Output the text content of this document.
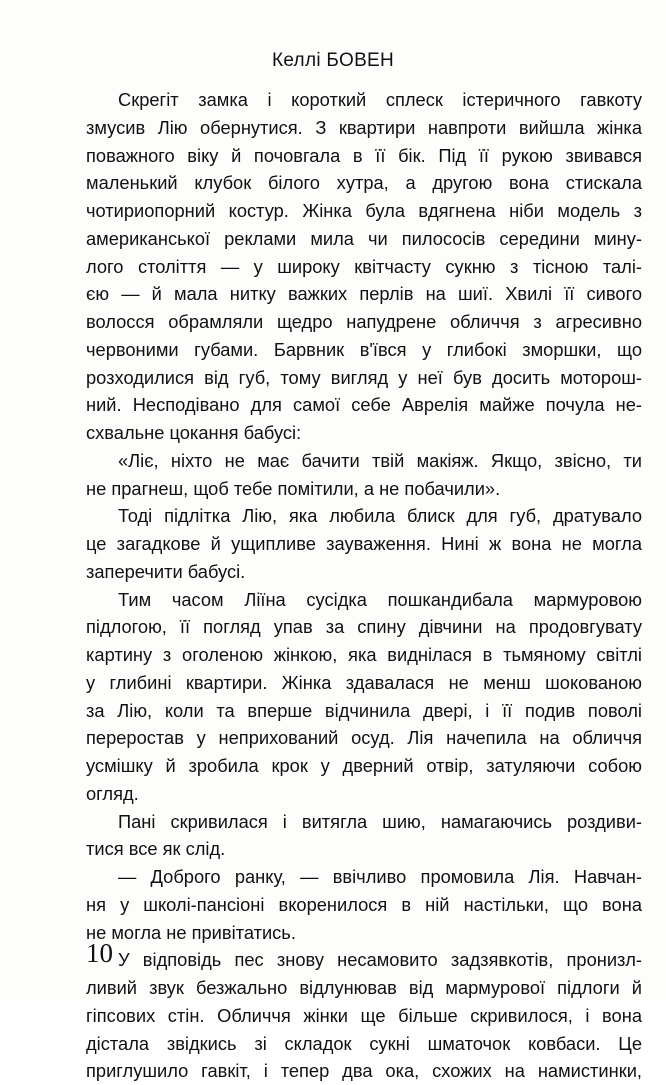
Келлі БОВЕН
Скрегіт замка і короткий сплеск істеричного гавкоту
змусив Лію обернутися. З квартири навпроти вийшла жінка
поважного віку й почовгала в її бік. Під її рукою звивався
маленький клубок білого хутра, а другою вона стискала
чотириопорний костур. Жінка була вдягнена ніби модель з
американської реклами мила чи пилососів середини мину-
лого століття — у широку квітчасту сукню з тісною талі-
єю — й мала нитку важких перлів на шиї. Хвилі її сивого
волосся обрамляли щедро напудрене обличчя з агресивно
червоними губами. Барвник в'ївся у глибокі зморшки, що
розходилися від губ, тому вигляд у неї був досить моторош-
ний. Несподівано для самої себе Аврелія майже почула не-
схвальне цокання бабусі:
«Ліє, ніхто не має бачити твій макіяж. Якщо, звісно, ти
не прагнеш, щоб тебе помітили, а не побачили».
Тоді підлітка Лію, яка любила блиск для губ, дратувало
це загадкове й ущипливе зауваження. Нині ж вона не могла
заперечити бабусі.
Тим часом Ліїна сусідка пошкандибала мармуровою
підлогою, її погляд упав за спину дівчини на продовгувату
картину з оголеною жінкою, яка виднілася в тьмяному світлі
у глибині квартири. Жінка здавалася не менш шокованою
за Лію, коли та вперше відчинила двері, і її подив поволі
переростав у неприхований осуд. Лія начепила на обличчя
усмішку й зробила крок у дверний отвір, затуляючи собою
огляд.
Пані скривилася і витягла шию, намагаючись роздиви-
тися все як слід.
— Доброго ранку, — ввічливо промовила Лія. Навчан-
ня у школі-пансіоні вкоренилося в ній настільки, що вона
не могла не привітатись.
У відповідь пес знову несамовито задзявкотів, пронизл-
ливий звук безжально відлунював від мармурової підлоги й
гіпсових стін. Обличчя жінки ще більше скривилося, і вона
дістала звідкись зі складок сукні шматочок ковбаси. Це
приглушило гавкіт, і тепер два ока, схожих на намистинки,

10
